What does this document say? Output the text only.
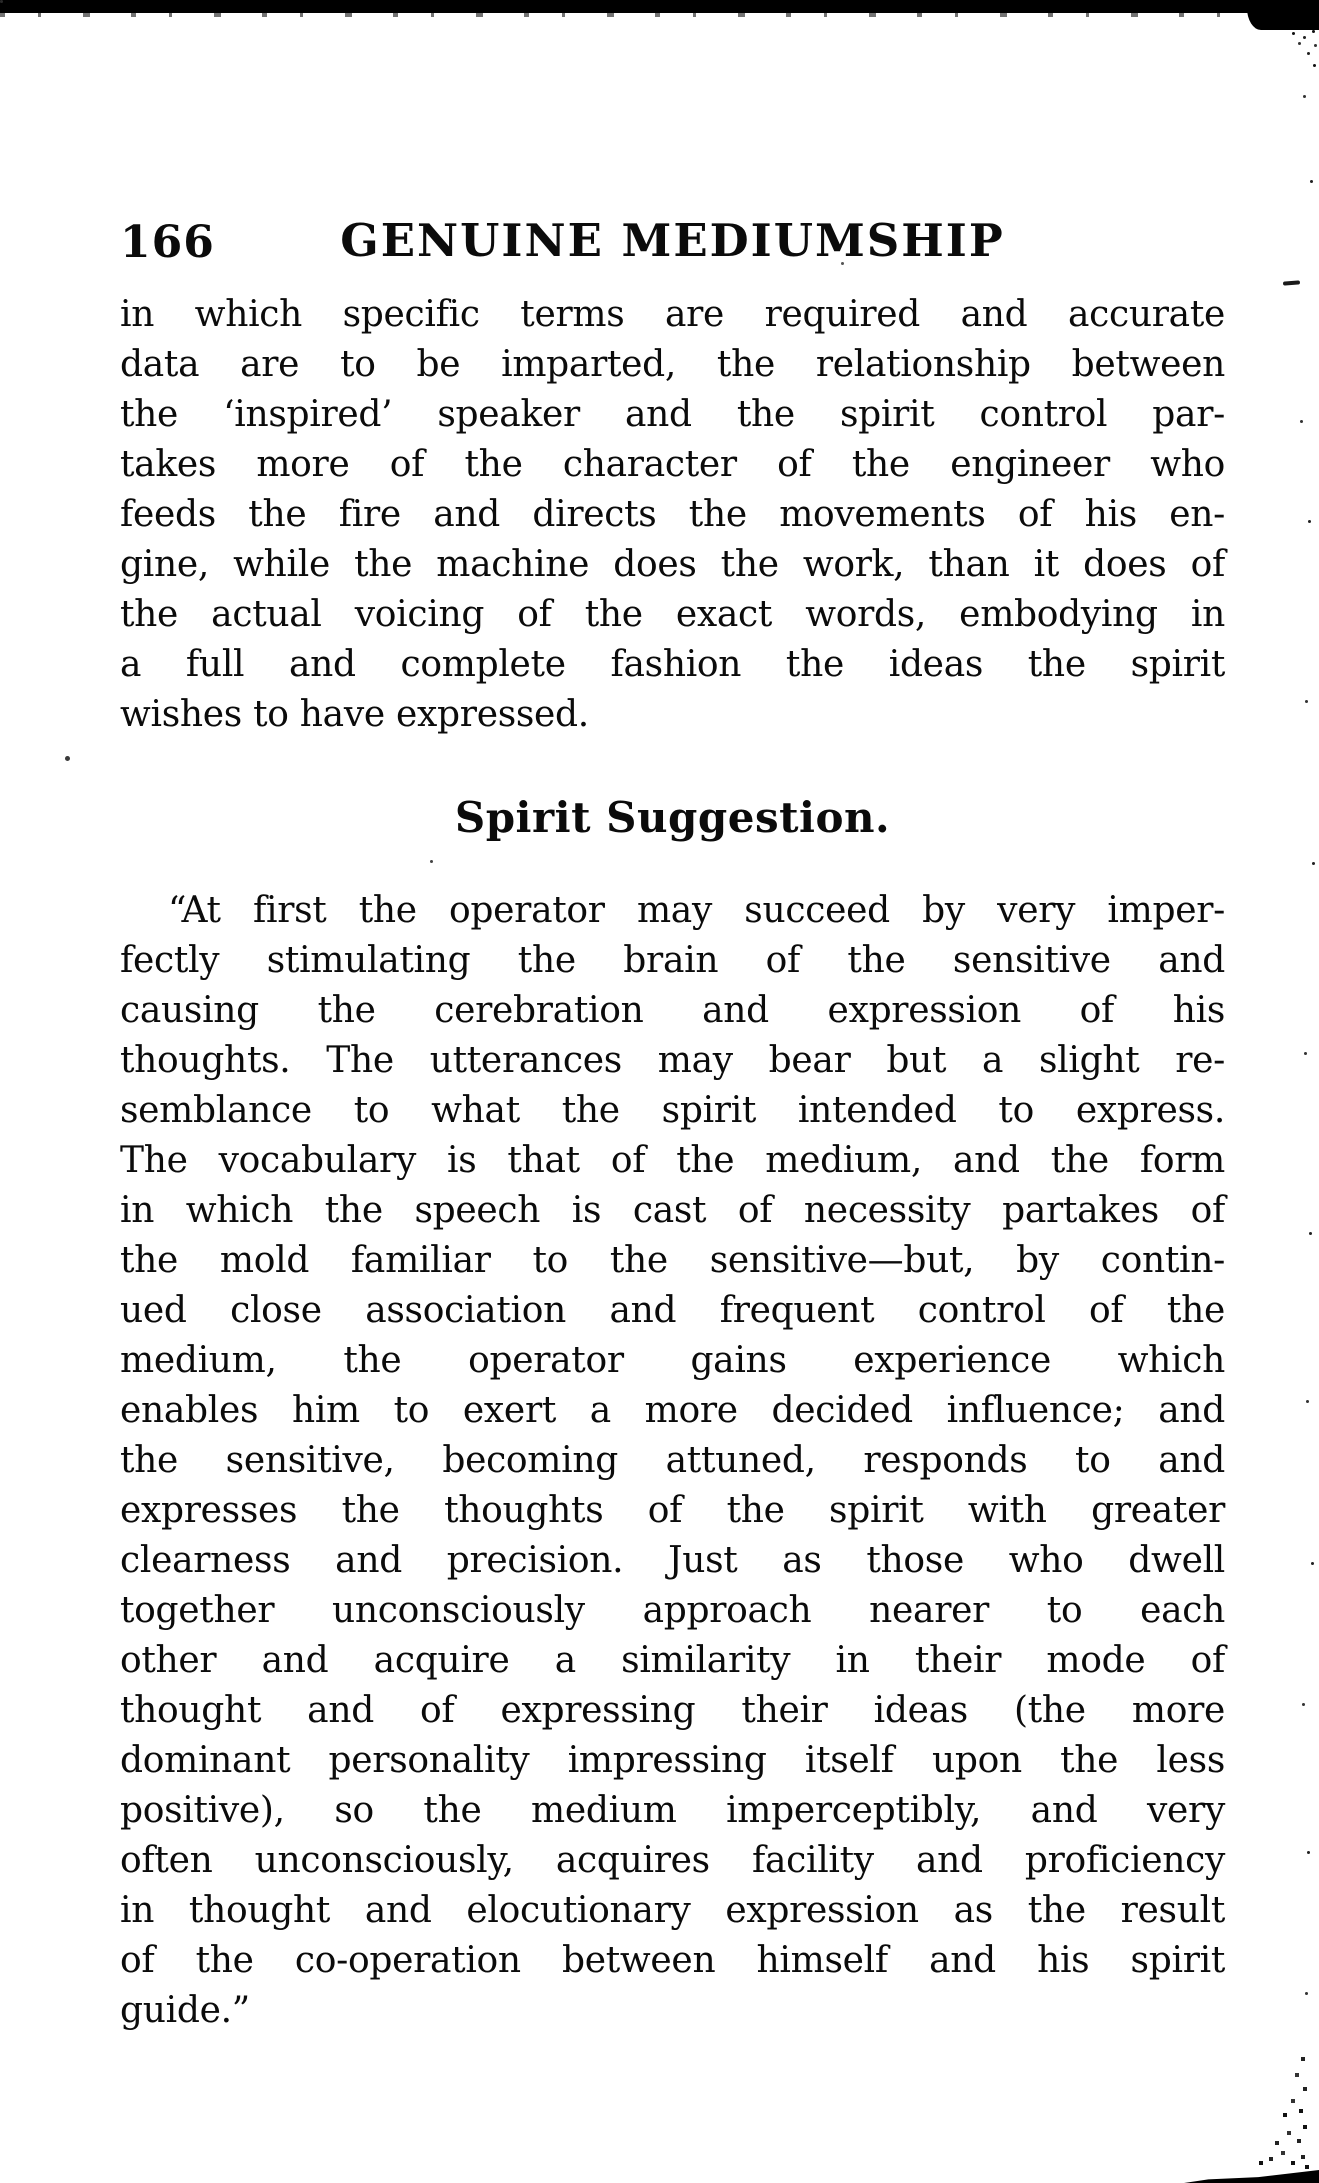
166	GENUINE MEDIUMSHIP
in which specific terms are required and accurate
data are to be imparted, the relationship between
the ‘inspired’ speaker and the spirit control par-
takes more of the character of the engineer who
feeds the fire and directs the movements of his en-
gine, while the machine does the work, than it does of
the actual voicing of the exact words, embodying in
a full and complete fashion the ideas the spirit
wishes to have expressed.
Spirit Suggestion.
“At first the operator may succeed by very imper-
fectly stimulating the brain of the sensitive and
causing the cerebration and expression of his
thoughts. The utterances may bear but a slight re-
semblance to what the spirit intended to express.
The vocabulary is that of the medium, and the form
in which the speech is cast of necessity partakes of
the mold familiar to the sensitive—but, by contin-
ued close association and frequent control of the
medium, the operator gains experience which
enables him to exert a more decided influence; and
the sensitive, becoming attuned, responds to and
expresses the thoughts of the spirit with greater
clearness and precision. Just as those who dwell
together unconsciously approach nearer to each
other and acquire a similarity in their mode of
thought and of expressing their ideas (the more
dominant personality impressing itself upon the less
positive), so the medium imperceptibly, and very
often unconsciously, acquires facility and proficiency
in thought and elocutionary expression as the result
of the co-operation between himself and his spirit
guide.”
